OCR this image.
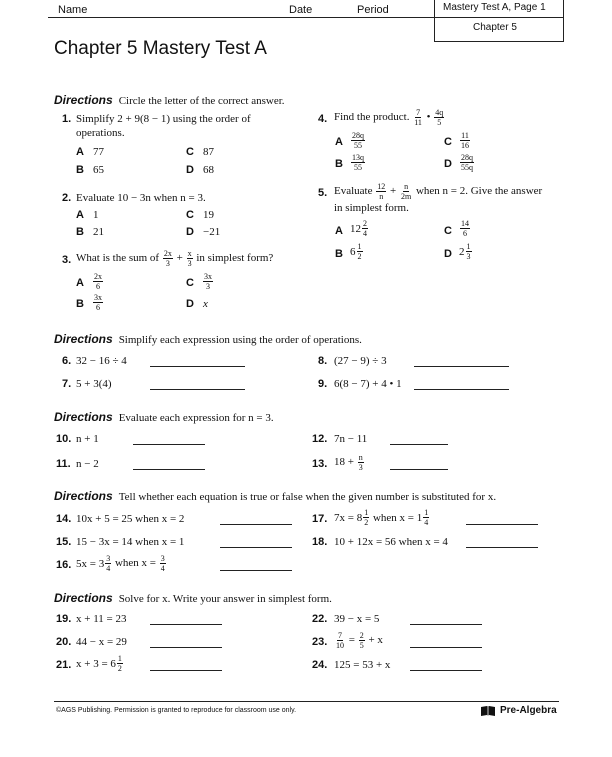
Name	Date	Period	Mastery Test A, Page 1
Chapter 5
Chapter 5 Mastery Test A
Directions Circle the letter of the correct answer.
1. Simplify 2 + 9(8 − 1) using the order of
operations.
A 77	C 87
B 65	D 68
2. Evaluate 10 − 3n when n = 3.
A 1	C 19
B 21	D −21
3. What is the sum of $\frac{2x}{3} + \frac{x}{3}$ in simplest form?
A $\frac{2x}{6}$	C $\frac{3x}{3}$
B $\frac{3x}{6}$	D x
4. Find the product. $\frac{7}{11}$ • $\frac{4q}{5}$
A $\frac{28q}{55}$	C $\frac{11}{16}$
B $\frac{13q}{55}$	D $\frac{28q}{55q}$
5. Evaluate $\frac{12}{n} + \frac{n}{2m}$ when n = 2. Give the answer
in simplest form.
A $12 \frac{2}{4}$	C $\frac{14}{6}$
B $6 \frac{1}{2}$	D $2 \frac{1}{3}$
Directions Simplify each expression using the order of operations.
6. 32 − 16 ÷ 4
7. 5 + 3(4)
8. (27 − 9) ÷ 3
9. 6(8 − 7) + 4 • 1
Directions Evaluate each expression for n = 3.
10. n + 1
11. n − 2
12. 7n − 11
13. $18 + \frac{n}{3}$
Directions Tell whether each equation is true or false when the given number is substituted for x.
14. 10x + 5 = 25 when x = 2
15. 15 − 3x = 14 when x = 1
16. $5x = 3 \frac{3}{4}$ when $x = \frac{3}{4}$
17. $7x = 8 \frac{1}{2}$
when $x = 1 \frac{1}{4}$
18. 10 + 12x = 56 when x = 4
Directions Solve for x. Write your answer in simplest form.
19. x + 11 = 23
20. 44 − x = 29
21. $x + 3 = 6 \frac{1}{2}$
22. 39 − x = 5
23. $\frac{7}{10} = \frac{2}{5} + x$
24. 125 = 53 + x
©AGS Publishing. Permission is granted to reproduce for classroom use only.	Pre-Algebra
